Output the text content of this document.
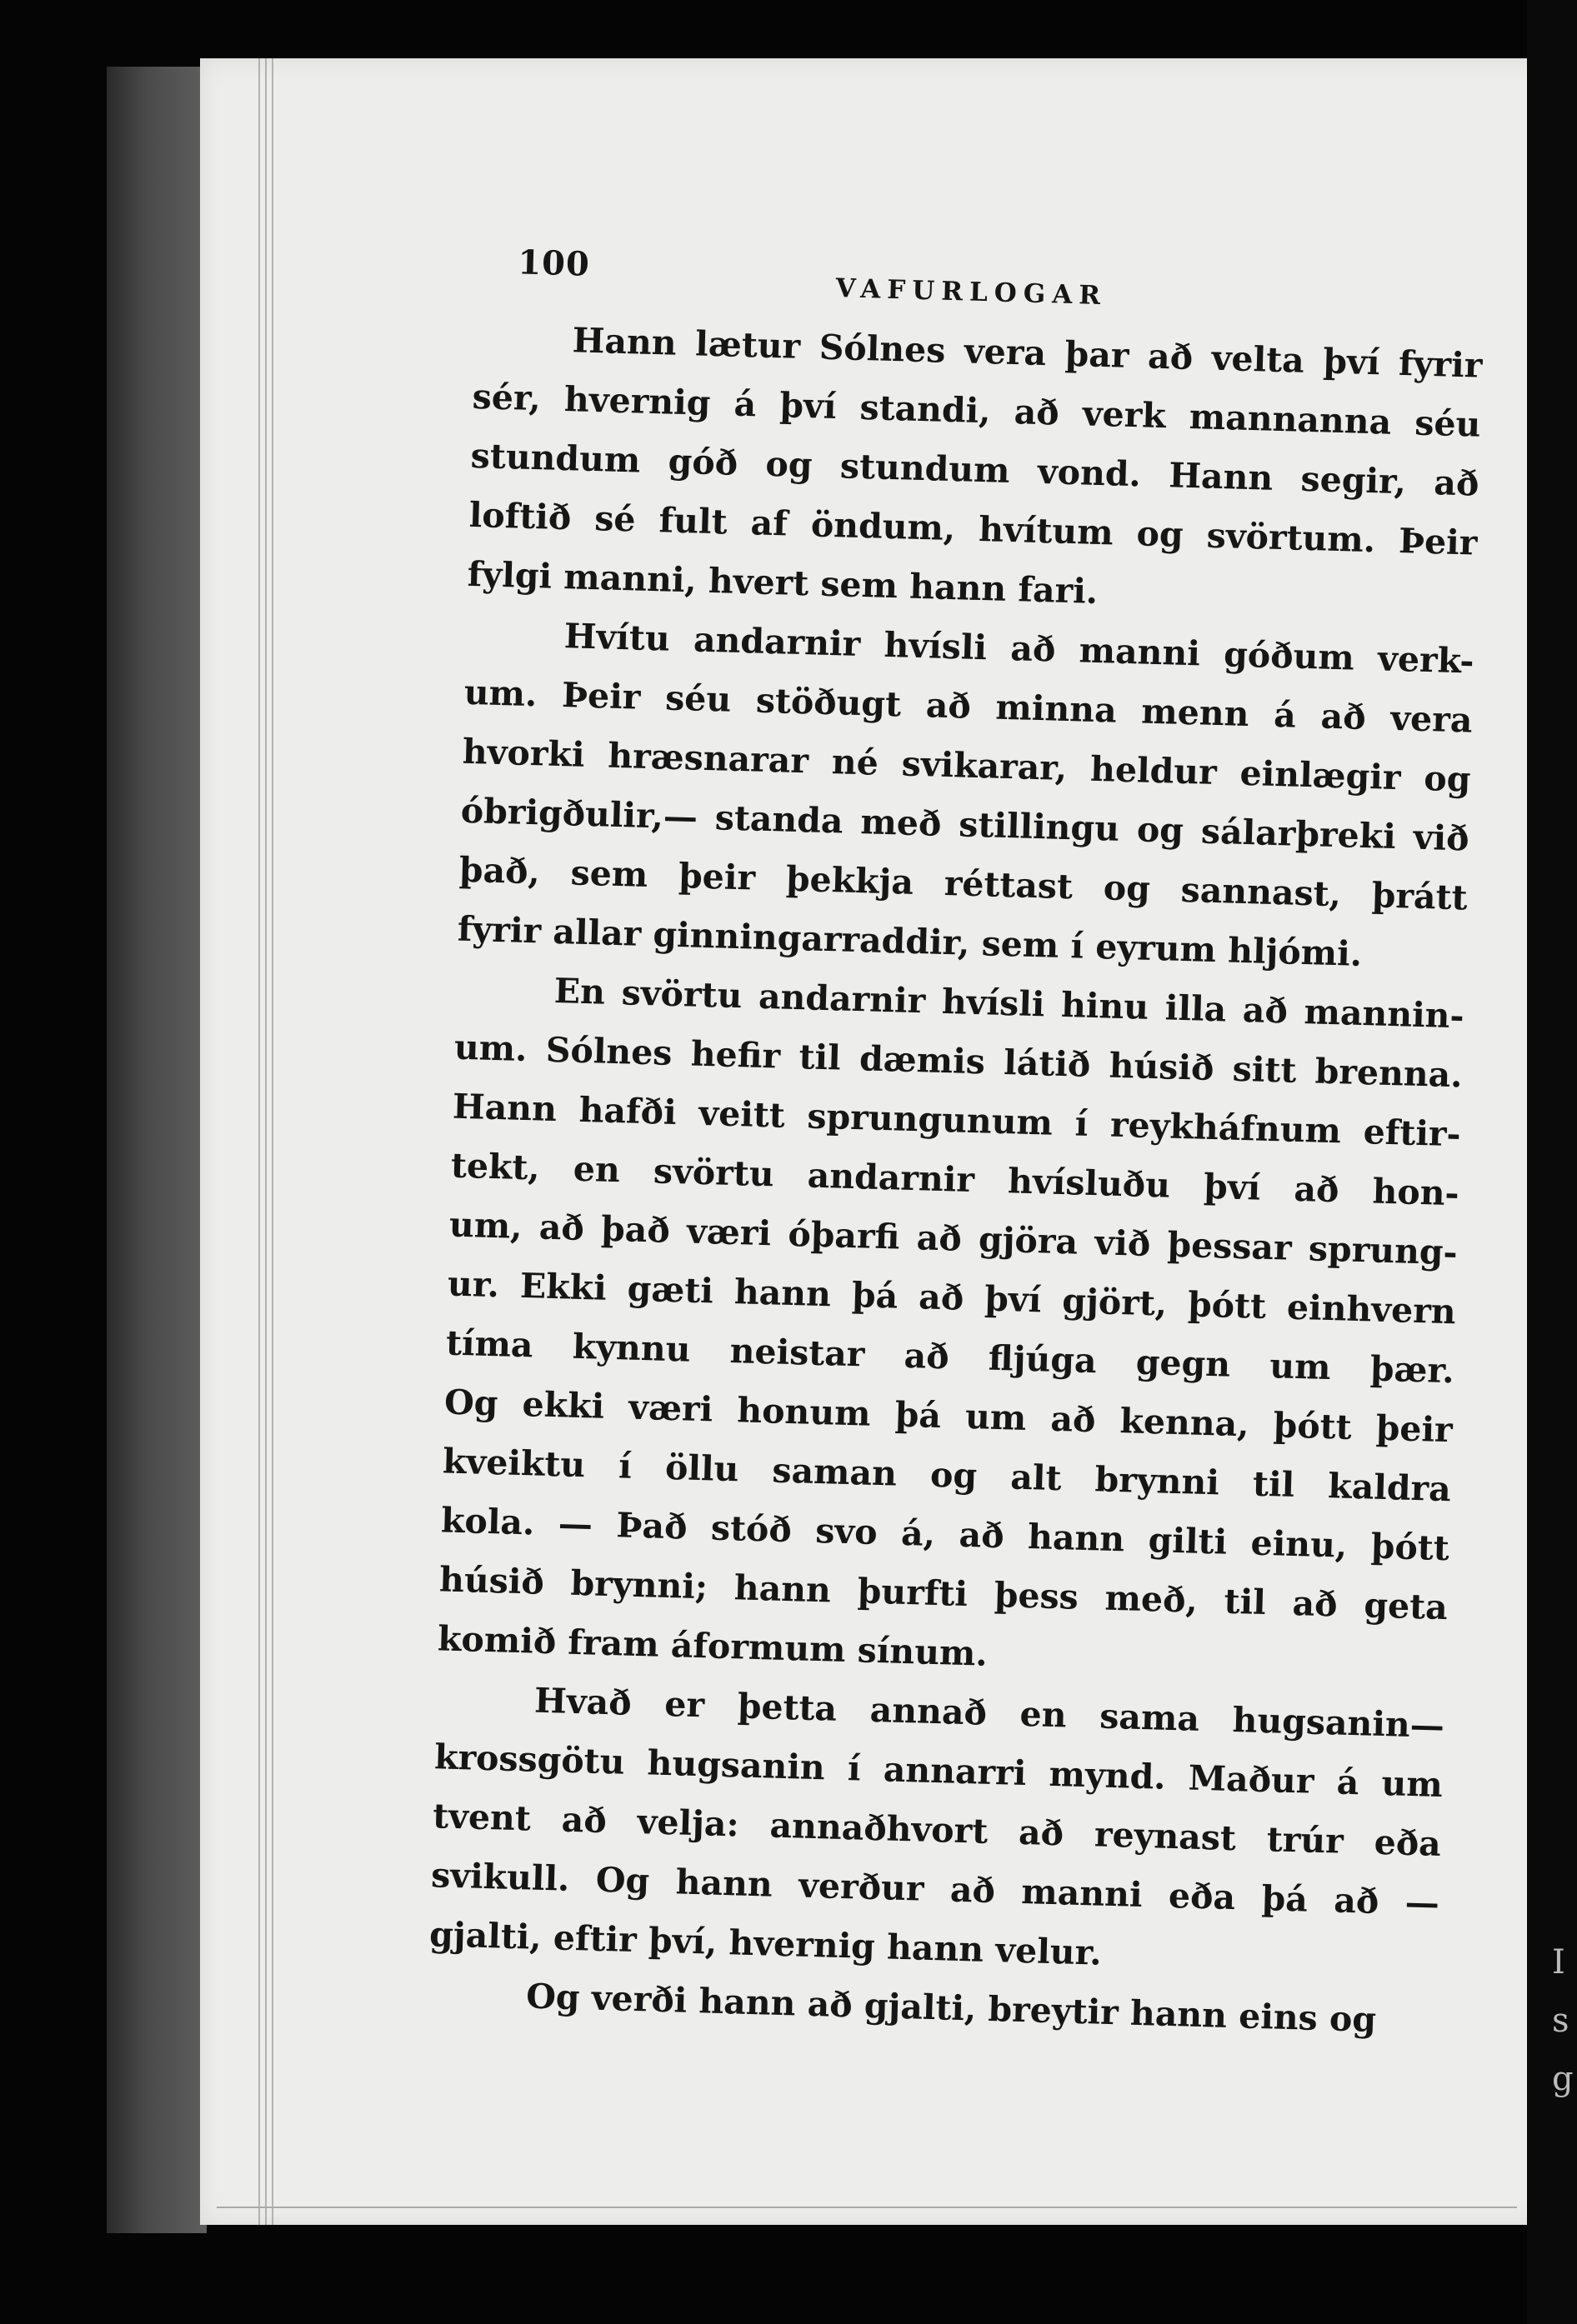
I
s
g
100
VAFURLOGAR
Hann lætur Sólnes vera þar að velta því fyrir
sér, hvernig á því standi, að verk mannanna séu
stundum góð og stundum vond. Hann segir, að
loftið sé fult af öndum, hvítum og svörtum. Þeir
fylgi manni, hvert sem hann fari.
Hvítu andarnir hvísli að manni góðum verk-
um. Þeir séu stöðugt að minna menn á að vera
hvorki hræsnarar né svikarar, heldur einlægir og
óbrigðulir,— standa með stillingu og sálarþreki við
það, sem þeir þekkja réttast og sannast, þrátt
fyrir allar ginningarraddir, sem í eyrum hljómi.
En svörtu andarnir hvísli hinu illa að mannin-
um. Sólnes hefir til dæmis látið húsið sitt brenna.
Hann hafði veitt sprungunum í reykháfnum eftir-
tekt, en svörtu andarnir hvísluðu því að hon-
um, að það væri óþarfi að gjöra við þessar sprung-
ur. Ekki gæti hann þá að því gjört, þótt einhvern
tíma kynnu neistar að fljúga gegn um þær.
Og ekki væri honum þá um að kenna, þótt þeir
kveiktu í öllu saman og alt brynni til kaldra
kola. — Það stóð svo á, að hann gilti einu, þótt
húsið brynni; hann þurfti þess með, til að geta
komið fram áformum sínum.
Hvað er þetta annað en sama hugsanin—
krossgötu hugsanin í annarri mynd. Maður á um
tvent að velja: annaðhvort að reynast trúr eða
svikull. Og hann verður að manni eða þá að —
gjalti, eftir því, hvernig hann velur.
Og verði hann að gjalti, breytir hann eins og
